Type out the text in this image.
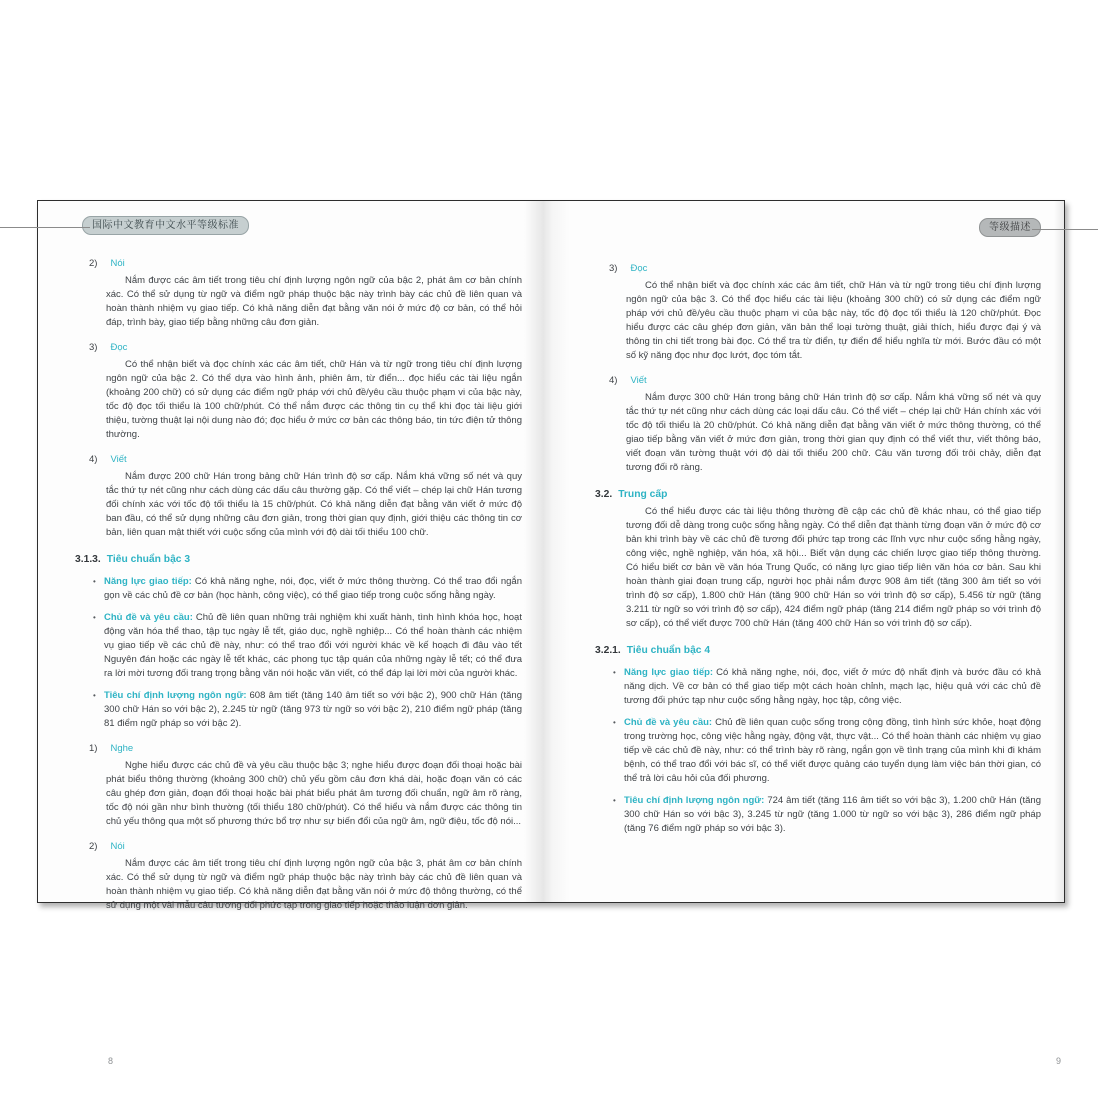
国际中文教育中文水平等级标准	等级描述
2) Nói

Nắm được các âm tiết trong tiêu chí định lượng ngôn ngữ của bậc 2, phát âm cơ bản chính xác. Có thể sử dụng từ ngữ và điểm ngữ pháp thuộc bậc này trình bày các chủ đề liên quan và hoàn thành nhiệm vụ giao tiếp. Có khả năng diễn đạt bằng văn nói ở mức độ cơ bản, có thể hỏi đáp, trình bày, giao tiếp bằng những câu đơn giản.

3) Đọc

Có thể nhận biết và đọc chính xác các âm tiết, chữ Hán và từ ngữ trong tiêu chí định lượng ngôn ngữ của bậc 2. Có thể dựa vào hình ảnh, phiên âm, từ điển... đọc hiểu các tài liệu ngắn (khoảng 200 chữ) có sử dụng các điểm ngữ pháp với chủ đề/yêu cầu thuộc phạm vi của bậc này, tốc độ đọc tối thiểu là 100 chữ/phút. Có thể nắm được các thông tin cụ thể khi đọc tài liệu giới thiệu, tường thuật lại nội dung nào đó; đọc hiểu ở mức cơ bản các thông báo, tin tức điện tử thông thường.

4) Viết

Nắm được 200 chữ Hán trong bảng chữ Hán trình độ sơ cấp. Nắm khá vững số nét và quy tắc thứ tự nét cũng như cách dùng các dấu câu thường gặp. Có thể viết – chép lại chữ Hán tương đối chính xác với tốc độ tối thiểu là 15 chữ/phút. Có khả năng diễn đạt bằng văn viết ở mức độ ban đầu, có thể sử dụng những câu đơn giản, trong thời gian quy định, giới thiệu các thông tin cơ bản, liên quan mật thiết với cuộc sống của mình với độ dài tối thiểu 100 chữ.

3.1.3. Tiêu chuẩn bậc 3
• Năng lực giao tiếp: Có khả năng nghe, nói, đọc, viết ở mức thông thường. Có thể trao đổi ngắn gọn về các chủ đề cơ bản (học hành, công việc), có thể giao tiếp trong cuộc sống hằng ngày.
• Chủ đề và yêu cầu: Chủ đề liên quan những trải nghiệm khi xuất hành, tình hình khóa học, hoạt động văn hóa thể thao, tập tục ngày lễ tết, giáo dục, nghề nghiệp... Có thể hoàn thành các nhiệm vụ giao tiếp về các chủ đề này, như: có thể trao đổi với người khác về kế hoạch đi đâu vào tết Nguyên đán hoặc các ngày lễ tết khác, các phong tục tập quán của những ngày lễ tết; có thể đưa ra lời mời tương đối trang trọng bằng văn nói hoặc văn viết, có thể đáp lại lời mời của người khác.
• Tiêu chí định lượng ngôn ngữ: 608 âm tiết (tăng 140 âm tiết so với bậc 2), 900 chữ Hán (tăng 300 chữ Hán so với bậc 2), 2.245 từ ngữ (tăng 973 từ ngữ so với bậc 2), 210 điểm ngữ pháp (tăng 81 điểm ngữ pháp so với bậc 2).
1) Nghe

Nghe hiểu được các chủ đề và yêu cầu thuộc bậc 3; nghe hiểu được đoạn đối thoại hoặc bài phát biểu thông thường (khoảng 300 chữ) chủ yếu gồm câu đơn khá dài, hoặc đoạn văn có các câu ghép đơn giản, đoạn đối thoại hoặc bài phát biểu phát âm tương đối chuẩn, ngữ âm rõ ràng, tốc độ nói gần như bình thường (tối thiểu 180 chữ/phút). Có thể hiểu và nắm được các thông tin chủ yếu thông qua một số phương thức bổ trợ như sự biến đổi của ngữ âm, ngữ điệu, tốc độ nói...

2) Nói

Nắm được các âm tiết trong tiêu chí định lượng ngôn ngữ của bậc 3, phát âm cơ bản chính xác. Có thể sử dụng từ ngữ và điểm ngữ pháp thuộc bậc này trình bày các chủ đề liên quan và hoàn thành nhiệm vụ giao tiếp. Có khả năng diễn đạt bằng văn nói ở mức độ thông thường, có thể sử dụng một vài mẫu câu tương đối phức tạp trong giao tiếp hoặc thảo luận đơn giản.

3) Đọc

Có thể nhận biết và đọc chính xác các âm tiết, chữ Hán và từ ngữ trong tiêu chí định lượng ngôn ngữ của bậc 3. Có thể đọc hiểu các tài liệu (khoảng 300 chữ) có sử dụng các điểm ngữ pháp với chủ đề/yêu cầu thuộc phạm vi của bậc này, tốc độ đọc tối thiểu là 120 chữ/phút. Đọc hiểu được các câu ghép đơn giản, văn bản thể loại tường thuật, giải thích, hiểu được đại ý và thông tin chi tiết trong bài đọc. Có thể tra từ điển, tự điển để hiểu nghĩa từ mới. Bước đầu có một số kỹ năng đọc như đọc lướt, đọc tóm tắt.

4) Viết

Nắm được 300 chữ Hán trong bảng chữ Hán trình độ sơ cấp. Nắm khá vững số nét và quy tắc thứ tự nét cũng như cách dùng các loại dấu câu. Có thể viết – chép lại chữ Hán chính xác với tốc độ tối thiểu là 20 chữ/phút. Có khả năng diễn đạt bằng văn viết ở mức thông thường, có thể giao tiếp bằng văn viết ở mức đơn giản, trong thời gian quy định có thể viết thư, viết thông báo, viết đoạn văn tường thuật với độ dài tối thiểu 200 chữ. Câu văn tương đối trôi chảy, diễn đạt tương đối rõ ràng.

3.2. Trung cấp

Có thể hiểu được các tài liệu thông thường đề cập các chủ đề khác nhau, có thể giao tiếp tương đối dễ dàng trong cuộc sống hằng ngày. Có thể diễn đạt thành từng đoạn văn ở mức độ cơ bản khi trình bày về các chủ đề tương đối phức tạp trong các lĩnh vực như cuộc sống hằng ngày, công việc, nghề nghiệp, văn hóa, xã hội... Biết vận dụng các chiến lược giao tiếp thông thường. Có hiểu biết cơ bản về văn hóa Trung Quốc, có năng lực giao tiếp liên văn hóa cơ bản. Sau khi hoàn thành giai đoạn trung cấp, người học phải nắm được 908 âm tiết (tăng 300 âm tiết so với trình độ sơ cấp), 1.800 chữ Hán (tăng 900 chữ Hán so với trình độ sơ cấp), 5.456 từ ngữ (tăng 3.211 từ ngữ so với trình độ sơ cấp), 424 điểm ngữ pháp (tăng 214 điểm ngữ pháp so với trình độ sơ cấp), có thể viết được 700 chữ Hán (tăng 400 chữ Hán so với trình độ sơ cấp).

3.2.1. Tiêu chuẩn bậc 4
• Năng lực giao tiếp: Có khả năng nghe, nói, đọc, viết ở mức độ nhất định và bước đầu có khả năng dịch. Về cơ bản có thể giao tiếp một cách hoàn chỉnh, mạch lạc, hiệu quả với các chủ đề tương đối phức tạp như cuộc sống hằng ngày, học tập, công việc.
• Chủ đề và yêu cầu: Chủ đề liên quan cuộc sống trong cộng đồng, tình hình sức khỏe, hoạt động trong trường học, công việc hằng ngày, động vật, thực vật... Có thể hoàn thành các nhiệm vụ giao tiếp về các chủ đề này, như: có thể trình bày rõ ràng, ngắn gọn về tình trạng của mình khi đi khám bệnh, có thể trao đổi với bác sĩ, có thể viết được quảng cáo tuyển dụng làm việc bán thời gian, có thể trả lời câu hỏi của đối phương.
• Tiêu chí định lượng ngôn ngữ: 724 âm tiết (tăng 116 âm tiết so với bậc 3), 1.200 chữ Hán (tăng 300 chữ Hán so với bậc 3), 3.245 từ ngữ (tăng 1.000 từ ngữ so với bậc 3), 286 điểm ngữ pháp (tăng 76 điểm ngữ pháp so với bậc 3).
8	9
